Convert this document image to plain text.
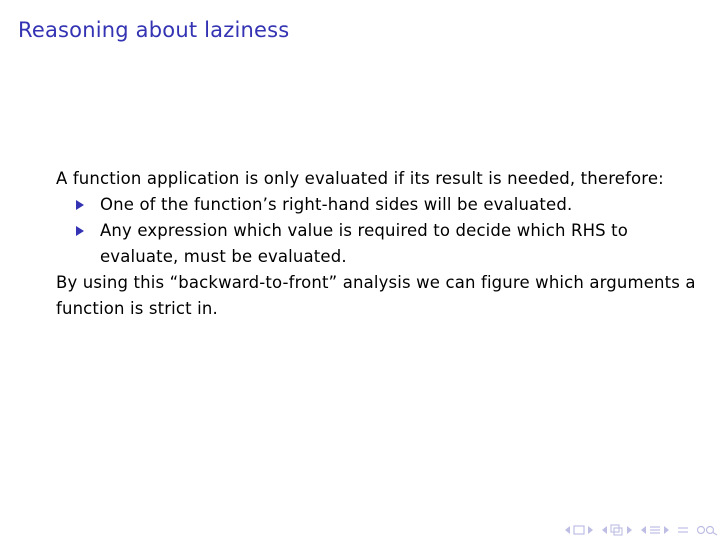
Reasoning about laziness

A function application is only evaluated if its result is needed, therefore:

One of the function’s right-hand sides will be evaluated.
Any expression which value is required to decide which RHS to evaluate, must be evaluated.

By using this “backward-to-front” analysis we can figure which arguments a function is strict in.
